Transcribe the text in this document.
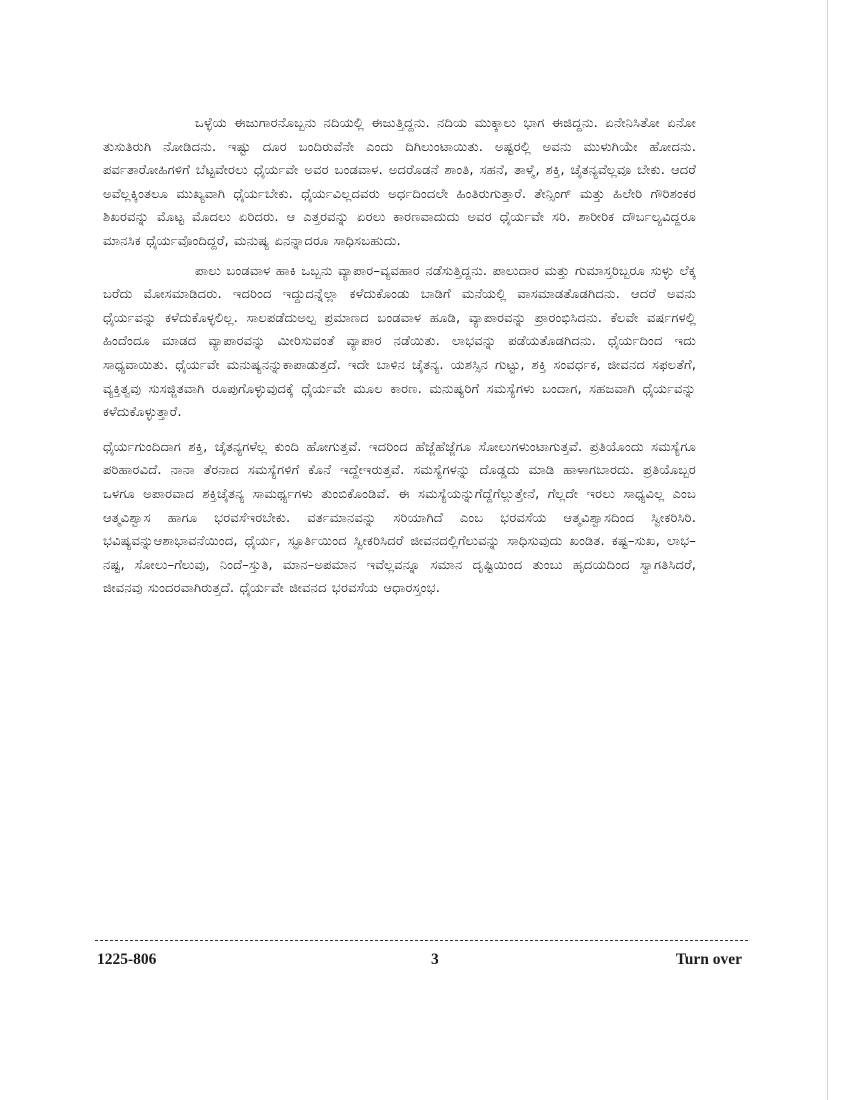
ಒಳ್ಳೆಯ ಈಜುಗಾರನೊಬ್ಬನು ನದಿಯಲ್ಲಿ ಈಜುತ್ತಿದ್ದನು. ನದಿಯ ಮುಕ್ಕಾಲು ಭಾಗ ಈಜಿದ್ದನು. ಏನೇನಿಸಿತೋ ಏನೋ ತುಸುತಿರುಗಿ ನೋಡಿದನು. ಇಷ್ಟು ದೂರ ಬಂದಿರುವೆನೇ ಎಂದು ದಿಗಿಲುಂಟಾಯಿತು. ಅಷ್ಟರಲ್ಲಿ ಅವನು ಮುಳುಗಿಯೇ ಹೋದನು. ಪರ್ವತಾರೋಹಿಗಳಿಗೆ ಬೆಟ್ಟವೇರಲು ಧೈರ್ಯವೇ ಅವರ ಬಂಡವಾಳ. ಅದರೊಡನೆ ಶಾಂತಿ, ಸಹನೆ, ತಾಳ್ಮೆ, ಶಕ್ತಿ, ಚೈತನ್ಯವೆಲ್ಲವೂ ಬೇಕು. ಆದರೆ ಅವೆಲ್ಲಕ್ಕಿಂತಲೂ ಮುಖ್ಯವಾಗಿ ಧೈರ್ಯಬೇಕು. ಧೈರ್ಯವಿಲ್ಲದವರು ಅರ್ಧದಿಂದಲೇ ಹಿಂತಿರುಗುತ್ತಾರೆ. ತೇನ್ಸಿಂಗ್ ಮತ್ತು ಹಿಲೇರಿ ಗೌರಿಶಂಕರ ಶಿಖರವನ್ನು ಮೊಟ್ಟ ಮೊದಲು ಏರಿದರು. ಆ ಎತ್ತರವನ್ನು ಏರಲು ಕಾರಣವಾದುದು ಅವರ ಧೈರ್ಯವೇ ಸರಿ. ಶಾರೀರಿಕ ದೌರ್ಬಲ್ಯವಿದ್ದರೂ ಮಾನಸಿಕ ಧೈರ್ಯವೊಂದಿದ್ದರೆ, ಮನುಷ್ಯ ಏನನ್ನಾದರೂ ಸಾಧಿಸಬಹುದು.

ಪಾಲು ಬಂಡವಾಳ ಹಾಕಿ ಒಬ್ಬನು ವ್ಯಾಪಾರ–ವ್ಯವಹಾರ ನಡೆಸುತ್ತಿದ್ದನು. ಪಾಲುದಾರ ಮತ್ತು ಗುಮಾಸ್ತರಿಬ್ಬರೂ ಸುಳ್ಳು ಲೆಕ್ಕ ಬರೆದು ಮೋಸಮಾಡಿದರು. ಇದರಿಂದ ಇದ್ದುದನ್ನೆಲ್ಲಾ ಕಳೆದುಕೊಂಡು ಬಾಡಿಗೆ ಮನೆಯಲ್ಲಿ ವಾಸಮಾಡತೊಡಗಿದನು. ಆದರೆ ಅವನು ಧೈರ್ಯವನ್ನು ಕಳೆದುಕೊಳ್ಳಲಿಲ್ಲ. ಸಾಲಪಡೆದುಅಲ್ಪ ಪ್ರಮಾಣದ ಬಂಡವಾಳ ಹೂಡಿ, ವ್ಯಾಪಾರವನ್ನು ಪ್ರಾರಂಭಿಸಿದನು. ಕೆಲವೇ ವರ್ಷಗಳಲ್ಲಿ ಹಿಂದೆಂದೂ ಮಾಡದ ವ್ಯಾಪಾರವನ್ನು ಮೀರಿಸುವಂತೆ ವ್ಯಾಪಾರ ನಡೆಯಿತು. ಲಾಭವನ್ನು ಪಡೆಯತೊಡಗಿದನು. ಧೈರ್ಯದಿಂದ ಇದು ಸಾಧ್ಯವಾಯಿತು. ಧೈರ್ಯವೇ ಮನುಷ್ಯನನ್ನುಕಾಪಾಡುತ್ತದೆ. ಇದೇ ಬಾಳಿನ ಚೈತನ್ಯ. ಯಶಸ್ಸಿನ ಗುಟ್ಟು, ಶಕ್ತಿ ಸಂವರ್ಧಕ, ಜೀವನದ ಸಫಲತೆಗೆ, ವ್ಯಕ್ತಿತ್ವವು ಸುಸಜ್ಜಿತವಾಗಿ ರೂಪುಗೊಳ್ಳುವುದಕ್ಕೆ ಧೈರ್ಯವೇ ಮೂಲ ಕಾರಣ. ಮನುಷ್ಯರಿಗೆ ಸಮಸ್ಯೆಗಳು ಬಂದಾಗ, ಸಹಜವಾಗಿ ಧೈರ್ಯವನ್ನು ಕಳೆದುಕೊಳ್ಳುತ್ತಾರೆ.

ಧೈರ್ಯಗುಂದಿದಾಗ ಶಕ್ತಿ, ಚೈತನ್ಯಗಳೆಲ್ಲ ಕುಂದಿ ಹೋಗುತ್ತವೆ. ಇದರಿಂದ ಹೆಜ್ಜೆಹೆಜ್ಜೆಗೂ ಸೋಲುಗಳುಂಟಾಗುತ್ತವೆ. ಪ್ರತಿಯೊಂದು ಸಮಸ್ಯೆಗೂ ಪರಿಹಾರವಿದೆ. ನಾನಾ ತೆರನಾದ ಸಮಸ್ಯೆಗಳಿಗೆ ಕೊನೆ ಇದ್ದೇಇರುತ್ತವೆ. ಸಮಸ್ಯೆಗಳನ್ನು ದೊಡ್ಡದು ಮಾಡಿ ಹಾಳಾಗಬಾರದು. ಪ್ರತಿಯೊಬ್ಬರ ಒಳಗೂ ಅಪಾರವಾದ ಶಕ್ತಿಚೈತನ್ಯ ಸಾಮರ್ಥ್ಯಗಳು ತುಂಬಿಕೊಂಡಿವೆ. ಈ ಸಮಸ್ಯೆಯನ್ನುಗೆದ್ದೆಗೆಲ್ಲುತ್ತೇನೆ, ಗೆಲ್ಲದೇ ಇರಲು ಸಾಧ್ಯವಿಲ್ಲ ಎಂಬ ಆತ್ಮವಿಶ್ವಾಸ ಹಾಗೂ ಭರವಸೆಇರಬೇಕು. ವರ್ತಮಾನವನ್ನು ಸರಿಯಾಗಿದೆ ಎಂಬ ಭರವಸೆಯ ಆತ್ಮವಿಶ್ವಾಸದಿಂದ ಸ್ವೀಕರಿಸಿರಿ. ಭವಿಷ್ಯವನ್ನುಆಶಾಭಾವನೆಯಿಂದ, ಧೈರ್ಯ, ಸ್ಫೂರ್ತಿಯಿಂದ ಸ್ವೀಕರಿಸಿದರೆ ಜೀವನದಲ್ಲಿಗೆಲುವನ್ನು ಸಾಧಿಸುವುದು ಖಂಡಿತ. ಕಷ್ಟ–ಸುಖ, ಲಾಭ–ನಷ್ಟ, ಸೋಲು–ಗೆಲುವು, ನಿಂದೆ–ಸ್ತುತಿ, ಮಾನ–ಅಪಮಾನ ಇವೆಲ್ಲವನ್ನೂ ಸಮಾನ ದೃಷ್ಟಿಯಿಂದ ತುಂಬು ಹೃದಯದಿಂದ ಸ್ವಾಗತಿಸಿದರೆ, ಜೀವನವು ಸುಂದರವಾಗಿರುತ್ತದೆ. ಧೈರ್ಯವೇ ಜೀವನದ ಭರವಸೆಯ ಆಧಾರಸ್ತಂಭ.

1225-806	3	Turn over
